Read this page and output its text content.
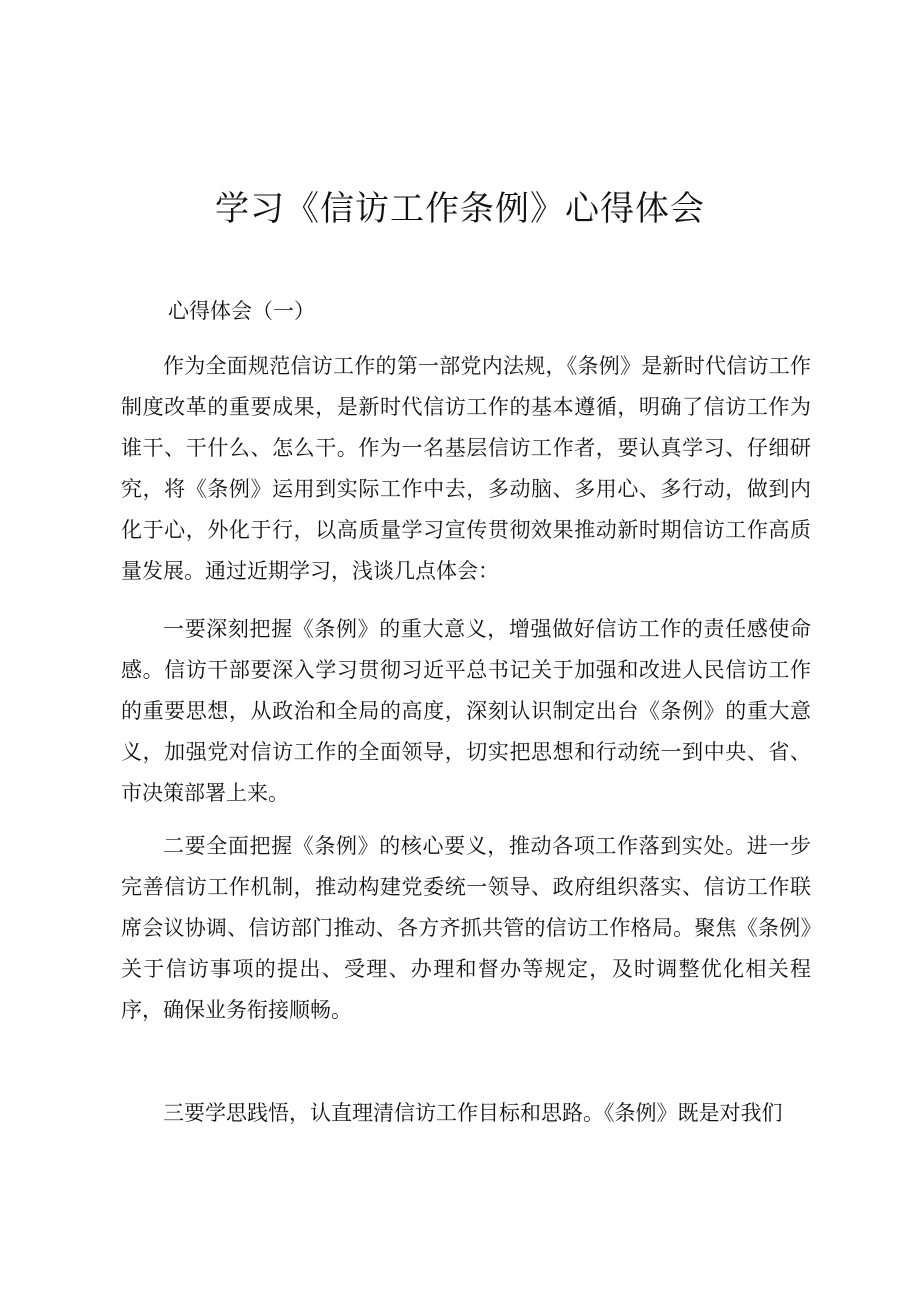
学习《信访工作条例》心得体会

心得体会（一）

作为全面规范信访工作的第一部党内法规，《条例》是新时代信访工作制度改革的重要成果，是新时代信访工作的基本遵循，明确了信访工作为谁干、干什么、怎么干。作为一名基层信访工作者，要认真学习、仔细研究，将《条例》运用到实际工作中去，多动脑、多用心、多行动，做到内化于心，外化于行，以高质量学习宣传贯彻效果推动新时期信访工作高质量发展。通过近期学习，浅谈几点体会：

一要深刻把握《条例》的重大意义，增强做好信访工作的责任感使命感。信访干部要深入学习贯彻习近平总书记关于加强和改进人民信访工作的重要思想，从政治和全局的高度，深刻认识制定出台《条例》的重大意义，加强党对信访工作的全面领导，切实把思想和行动统一到中央、省、市决策部署上来。

二要全面把握《条例》的核心要义，推动各项工作落到实处。进一步完善信访工作机制，推动构建党委统一领导、政府组织落实、信访工作联席会议协调、信访部门推动、各方齐抓共管的信访工作格局。聚焦《条例》关于信访事项的提出、受理、办理和督办等规定，及时调整优化相关程序，确保业务衔接顺畅。

三要学思践悟，认直理清信访工作目标和思路。《条例》既是对我们
